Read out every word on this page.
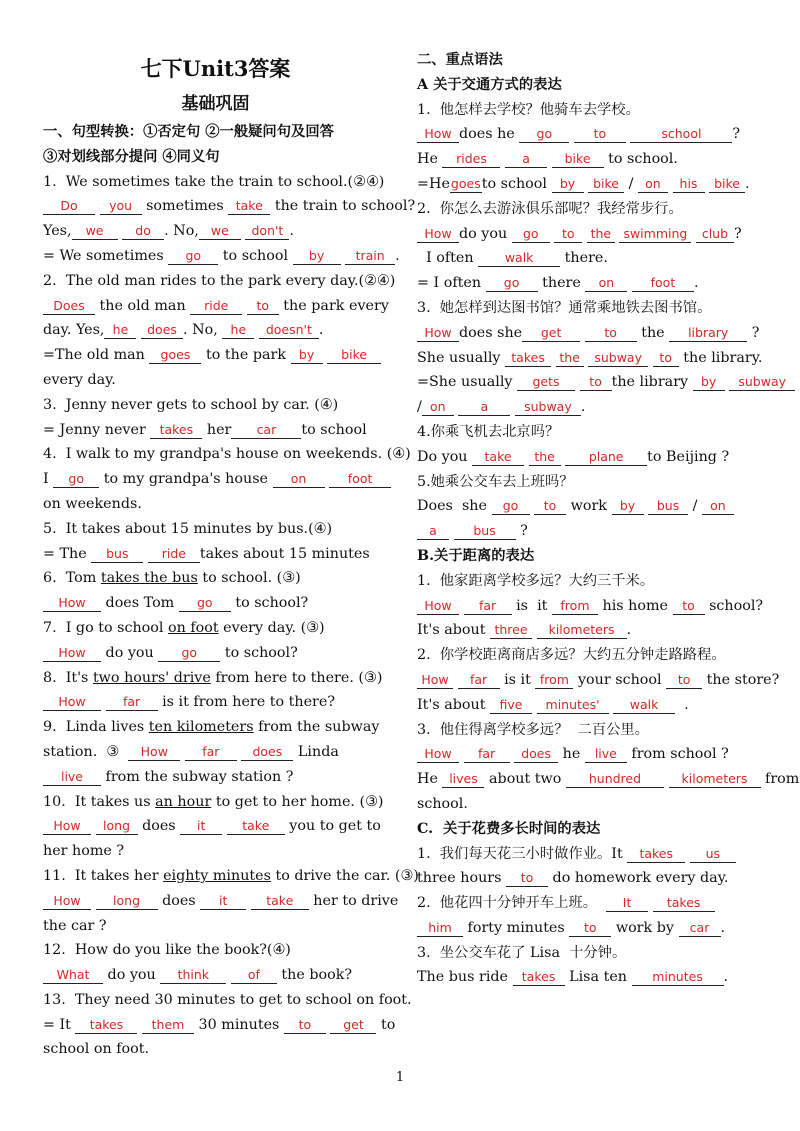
七下Unit3答案
基础巩固
一、句型转换：①否定句 ②一般疑问句及回答
③对划线部分提问 ④同义句
1.  We sometimes take the train to school.(②④)
Do	you sometimes take the train to school?
Yes, we	do . No, we don't .
= We sometimes go to school by	train .
2.  The old man rides to the park every day.(②④)
Does the old man ride to the park every
day. Yes, he does . No, he doesn't .
=The old man goes to the park by bike
every day.
3.  Jenny never gets to school by car. (④)
= Jenny never takes her car to school
4.  I walk to my grandpa's house on weekends. (④)
I go to my grandpa's house on	foot
on weekends.
5.  It takes about 15 minutes by bus.(④)
= The bus	ride takes about 15 minutes
6.  Tom takes the bus to school. (③)
How does Tom go to school?
7.  I go to school on foot every day. (③)
How do you go to school?
8.  It's two hours' drive from here to there. (③)
How	far is it from here to there?
9.  Linda lives ten kilometers from the subway
station.  ③  How	far	does Linda
live from the subway station ?
10.  It takes us an hour to get to her home. (③)
How long does it	take you to get to
her home ?
11.  It takes her eighty minutes to drive the car. (③)
How	long does it	take her to drive
the car ?
12.  How do you like the book?(④)
What do you think	of the book?
13.  They need 30 minutes to get to school on foot.
= It takes them 30 minutes to	get to
school on foot.
二、重点语法
A 关于交通方式的表达
1.  他怎样去学校？他骑车去学校。
How does he go	to	school ?
He rides	a	bike to school.
=Hegoesto school by bike / on his bike .
2.  你怎么去游泳俱乐部呢？我经常步行。
How do you go to the swimming club ?
I often walk there.
= I often go there on	foot .
3.  她怎样到达图书馆？通常乘地铁去图书馆。
How does she get	to the library ?
She usually takes the subway to the library.
=She usually gets to the library by subway
/ on	a	subway .
4.你乘飞机去北京吗？
Do you take the	plane to Beijing ?
5.她乘公交车去上班吗？
Does  she go to work by bus / on
a	bus ?
B.关于距离的表达
1.  他家距离学校多远？大约三千米。
How far is  it from his home to school?
It's about three kilometers .
2.  你学校距离商店多远？大约五分钟走路路程。
How far is it from your school to the store?
It's about five minutes' walk  .
3.  他住得离学校多远？  二百公里。
How far does he live from school ?
He lives about two hundred	kilometers from
school.
C.  关于花费多长时间的表达
1.  我们每天花三小时做作业。It takes	us
three hours to do homework every day.
2.  他花四十分钟开车上班。  It	takes
him forty minutes to work by car .
3.  坐公交车花了 Lisa  十分钟。
The bus ride takes Lisa ten minutes .
1
